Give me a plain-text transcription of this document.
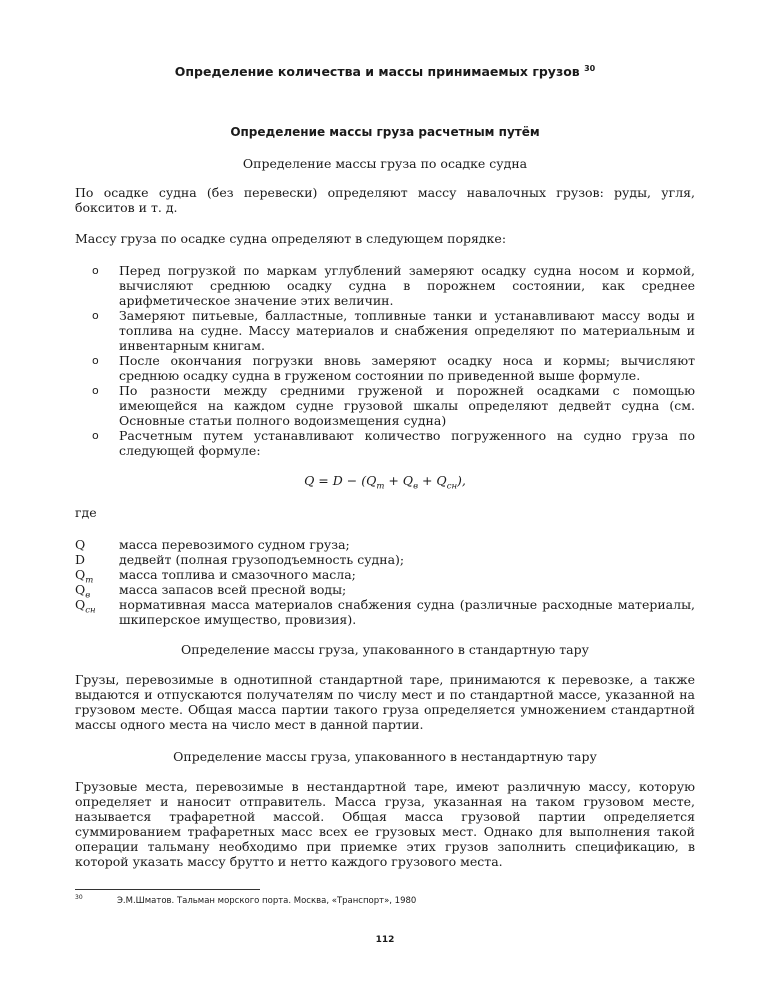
Определение количества и массы принимаемых грузов $^{30}$
Определение массы груза расчетным путём
Определение массы груза по осадке судна

По осадке судна (без перевески) определяют массу навалочных грузов: руды, угля, бокситов и т. д.

Массу груза по осадке судна определяют в следующем порядке:

o Перед погрузкой по маркам углублений замеряют осадку судна носом и кормой, вычисляют среднюю осадку судна в порожнем состоянии, как среднее арифметическое значение этих величин.
o Замеряют питьевые, балластные, топливные танки и устанавливают массу воды и топлива на судне. Массу материалов и снабжения определяют по материальным и инвентарным книгам.
o После окончания погрузки вновь замеряют осадку носа и кормы; вычисляют среднюю осадку судна в груженом состоянии по приведенной выше формуле.
o По разности между средними груженой и порожней осадками с помощью имеющейся на каждом судне грузовой шкалы определяют дедвейт судна (см. Основные статьи полного водоизмещения судна)
o Расчетным путем устанавливают количество погруженного на судно груза по следующей формуле:
$Q = D - (Q_т + Q_в + Q_{сн})$,

где

Q	масса перевозимого судном груза;
D	дедвейт (полная грузоподъемность судна);
$Q_т$ масса топлива и смазочного масла;
$Q_в$ масса запасов всей пресной воды;
$Q_{сн}$ нормативная масса материалов снабжения судна (различные расходные материалы, шкиперское имущество, провизия).
Определение массы груза, упакованного в стандартную тару

Грузы, перевозимые в однотипной стандартной таре, принимаются к перевозке, а также выдаются и отпускаются получателям по числу мест и по стандартной массе, указанной на грузовом месте. Общая масса партии такого груза определяется умножением стандартной массы одного места на число мест в данной партии.

Определение массы груза, упакованного в нестандартную тару

Грузовые места, перевозимые в нестандартной таре, имеют различную массу, которую определяет и наносит отправитель. Масса груза, указанная на таком грузовом месте, называется трафаретной массой. Общая масса грузовой партии определяется суммированием трафаретных масс всех ее грузовых мест. Однако для выполнения такой операции тальману необходимо при приемке этих грузов заполнить спецификацию, в которой указать массу брутто и нетто каждого грузового места.

30	Э.М.Шматов. Тальман морского порта. Москва, «Транспорт», 1980
112
